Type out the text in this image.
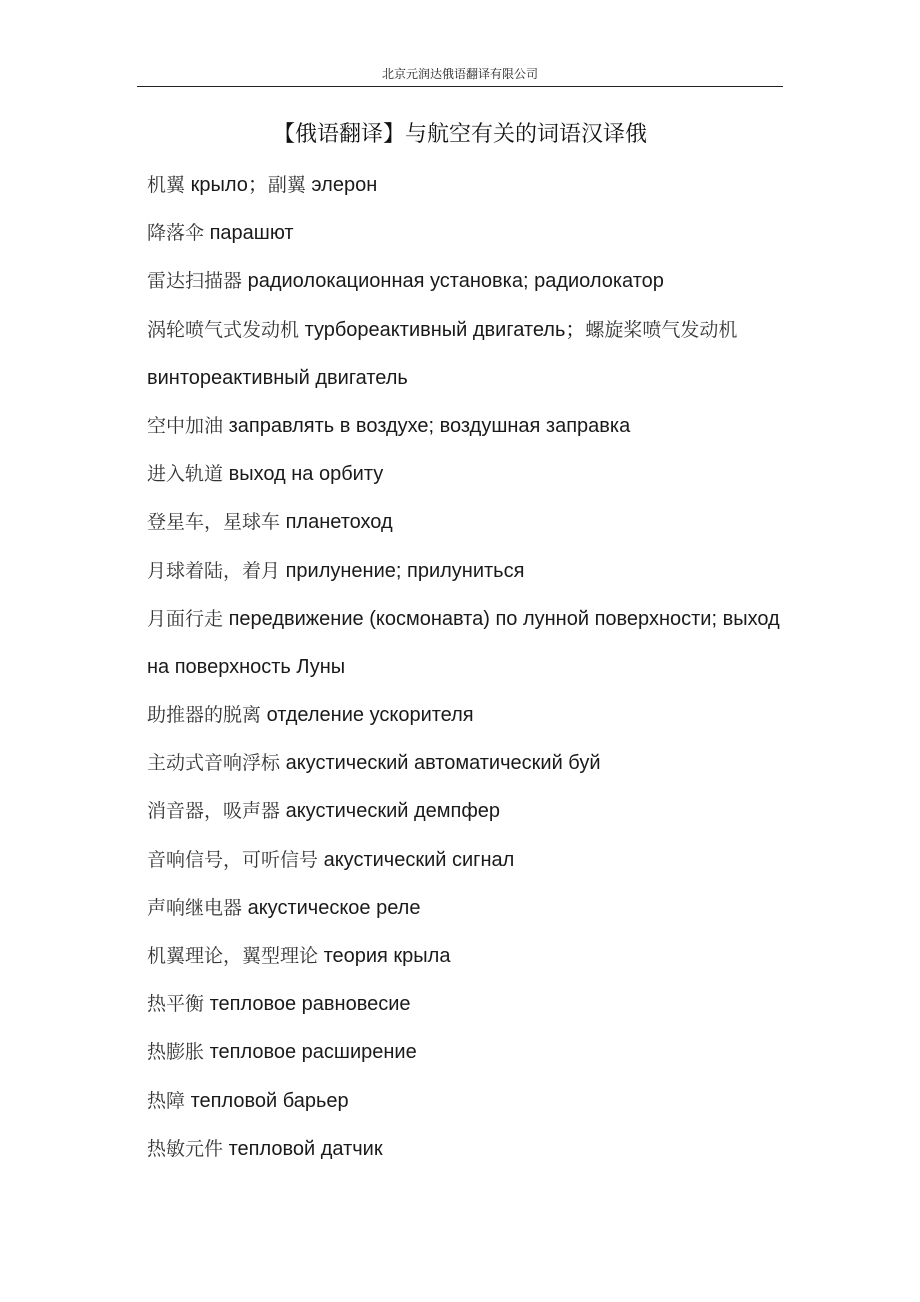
北京元润达俄语翻译有限公司
【俄语翻译】与航空有关的词语汉译俄
机翼 крыло；副翼 элерон
降落伞 парашют
雷达扫描器 радиолокационная установка; радиолокатор
涡轮喷气式发动机 турбореактивный двигатель；螺旋桨喷气发动机
винтореактивный двигатель
空中加油 заправлять в воздухе; воздушная заправка
进入轨道 выход на орбиту
登星车，星球车 планетоход
月球着陆，着月 прилунение; прилуниться
月面行走 передвижение (космонавта) по лунной поверхности; выход
на поверхность Луны
助推器的脱离 отделение ускорителя
主动式音响浮标 акустический автоматический буй
消音器，吸声器 акустический демпфер
音响信号，可听信号 акустический сигнал
声响继电器 акустическое реле
机翼理论，翼型理论 теория крыла
热平衡 тепловое равновесие
热膨胀 тепловое расширение
热障 тепловой барьер
热敏元件 тепловой датчик
